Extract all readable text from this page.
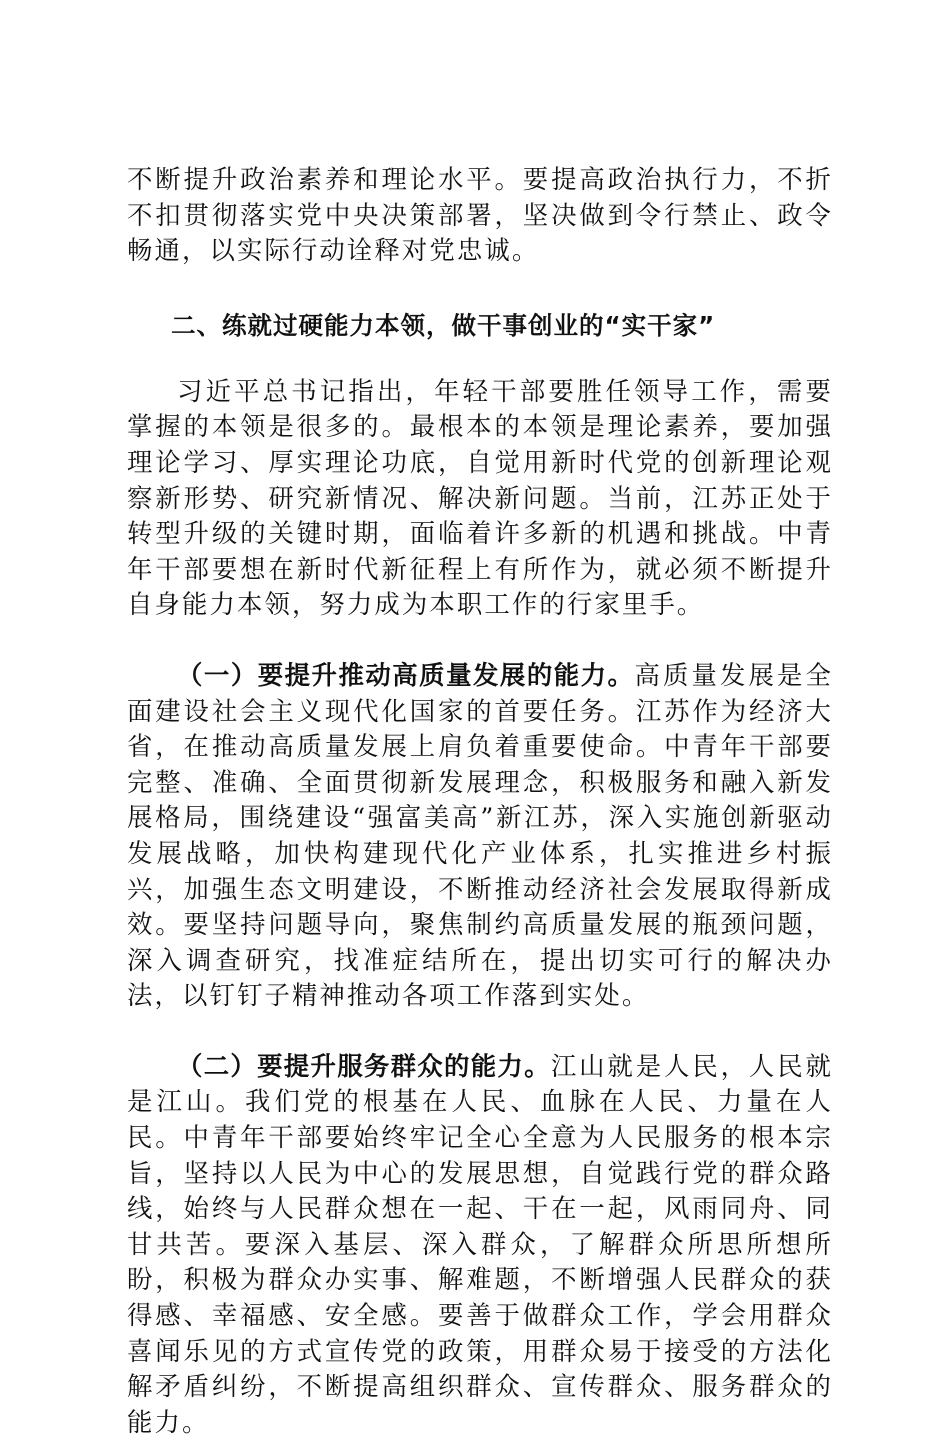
不断提升政治素养和理论水平。要提高政治执行力，不折不扣贯彻落实党中央决策部署，坚决做到令行禁止、政令畅通，以实际行动诠释对党忠诚。

二、练就过硬能力本领，做干事创业的“实干家”

习近平总书记指出，年轻干部要胜任领导工作，需要掌握的本领是很多的。最根本的本领是理论素养，要加强理论学习、厚实理论功底，自觉用新时代党的创新理论观察新形势、研究新情况、解决新问题。当前，江苏正处于转型升级的关键时期，面临着许多新的机遇和挑战。中青年干部要想在新时代新征程上有所作为，就必须不断提升自身能力本领，努力成为本职工作的行家里手。

（一）要提升推动高质量发展的能力。高质量发展是全面建设社会主义现代化国家的首要任务。江苏作为经济大省，在推动高质量发展上肩负着重要使命。中青年干部要完整、准确、全面贯彻新发展理念，积极服务和融入新发展格局，围绕建设“强富美高”新江苏，深入实施创新驱动发展战略，加快构建现代化产业体系，扎实推进乡村振兴，加强生态文明建设，不断推动经济社会发展取得新成效。要坚持问题导向，聚焦制约高质量发展的瓶颈问题，深入调查研究，找准症结所在，提出切实可行的解决办法，以钉钉子精神推动各项工作落到实处。

（二）要提升服务群众的能力。江山就是人民，人民就是江山。我们党的根基在人民、血脉在人民、力量在人民。中青年干部要始终牢记全心全意为人民服务的根本宗旨，坚持以人民为中心的发展思想，自觉践行党的群众路线，始终与人民群众想在一起、干在一起，风雨同舟、同甘共苦。要深入基层、深入群众，了解群众所思所想所盼，积极为群众办实事、解难题，不断增强人民群众的获得感、幸福感、安全感。要善于做群众工作，学会用群众喜闻乐见的方式宣传党的政策，用群众易于接受的方法化解矛盾纠纷，不断提高组织群众、宣传群众、服务群众的能力。
